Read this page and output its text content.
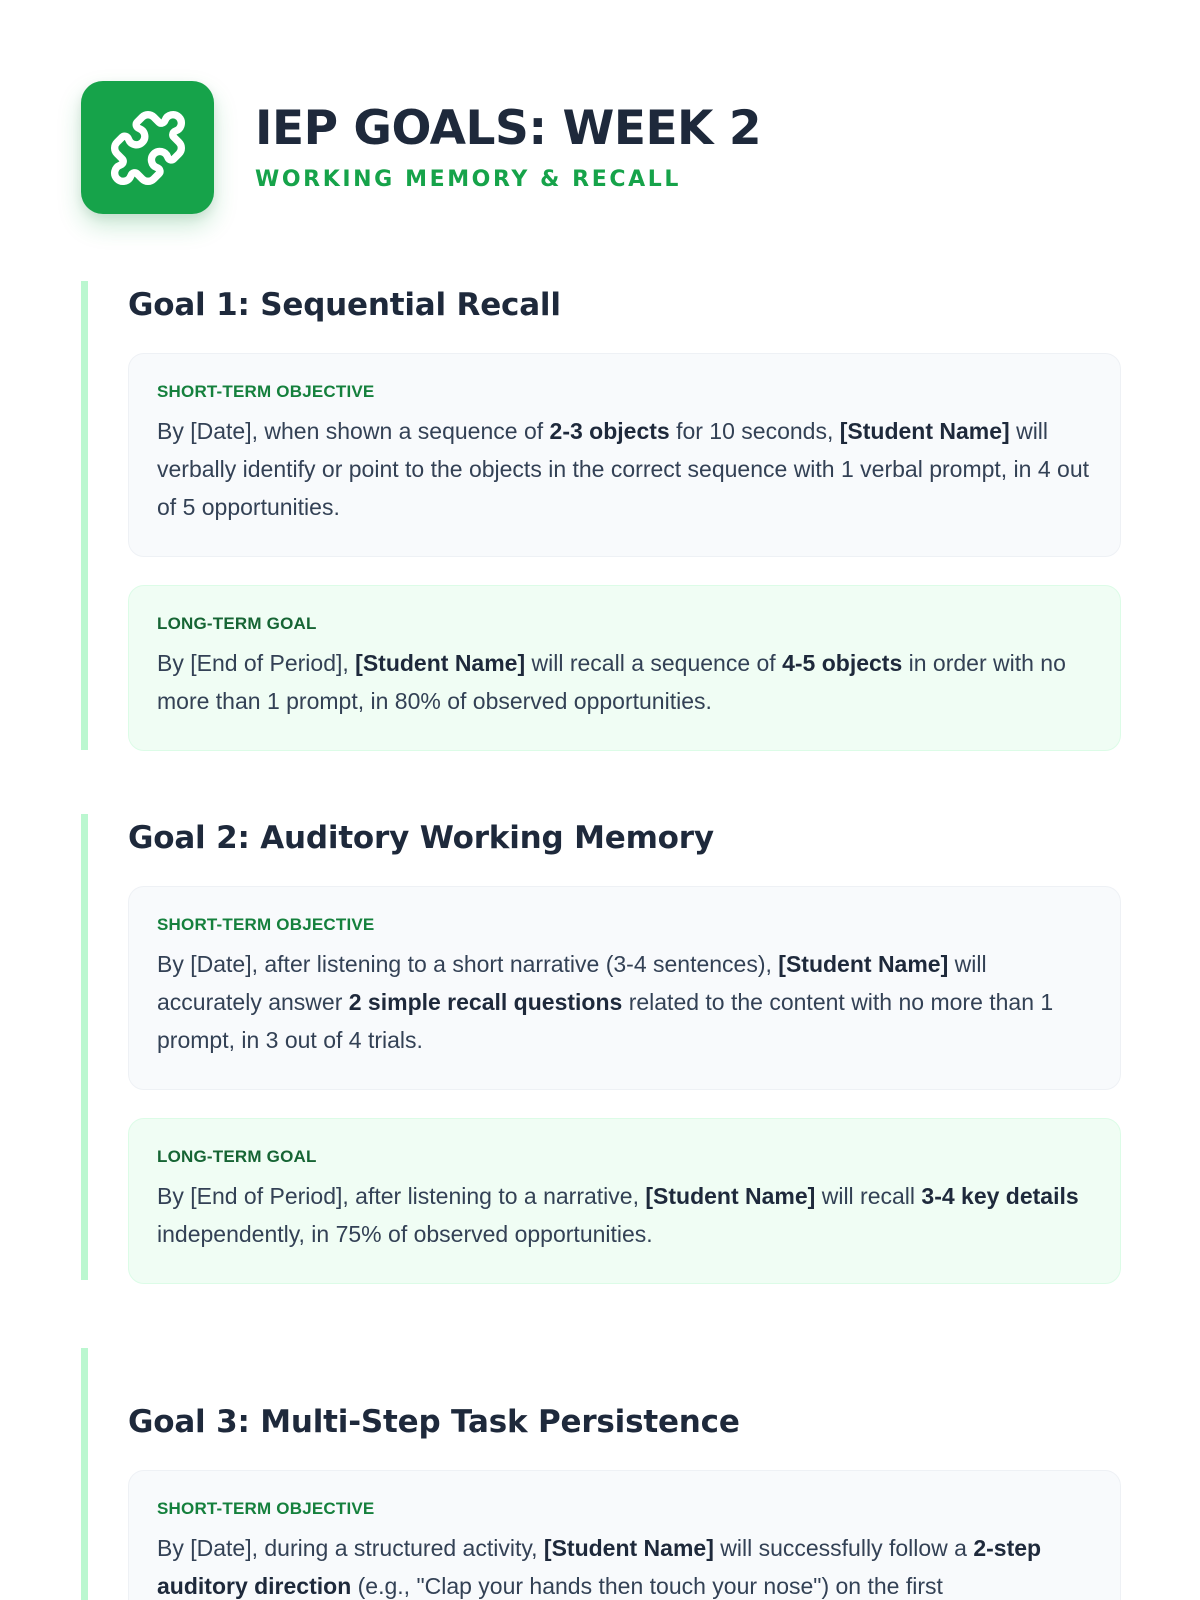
IEP GOALS: WEEK 2
WORKING MEMORY & RECALL
Goal 1: Sequential Recall
SHORT-TERM OBJECTIVE
By [Date], when shown a sequence of 2-3 objects for 10 seconds, [Student Name] will verbally identify or point to the objects in the correct sequence with 1 verbal prompt, in 4 out of 5 opportunities.
LONG-TERM GOAL
By [End of Period], [Student Name] will recall a sequence of 4-5 objects in order with no more than 1 prompt, in 80% of observed opportunities.
Goal 2: Auditory Working Memory
SHORT-TERM OBJECTIVE
By [Date], after listening to a short narrative (3-4 sentences), [Student Name] will accurately answer 2 simple recall questions related to the content with no more than 1 prompt, in 3 out of 4 trials.
LONG-TERM GOAL
By [End of Period], after listening to a narrative, [Student Name] will recall 3-4 key details independently, in 75% of observed opportunities.
Goal 3: Multi-Step Task Persistence
SHORT-TERM OBJECTIVE
By [Date], during a structured activity, [Student Name] will successfully follow a 2-step auditory direction (e.g., "Clap your hands then touch your nose") on the first
